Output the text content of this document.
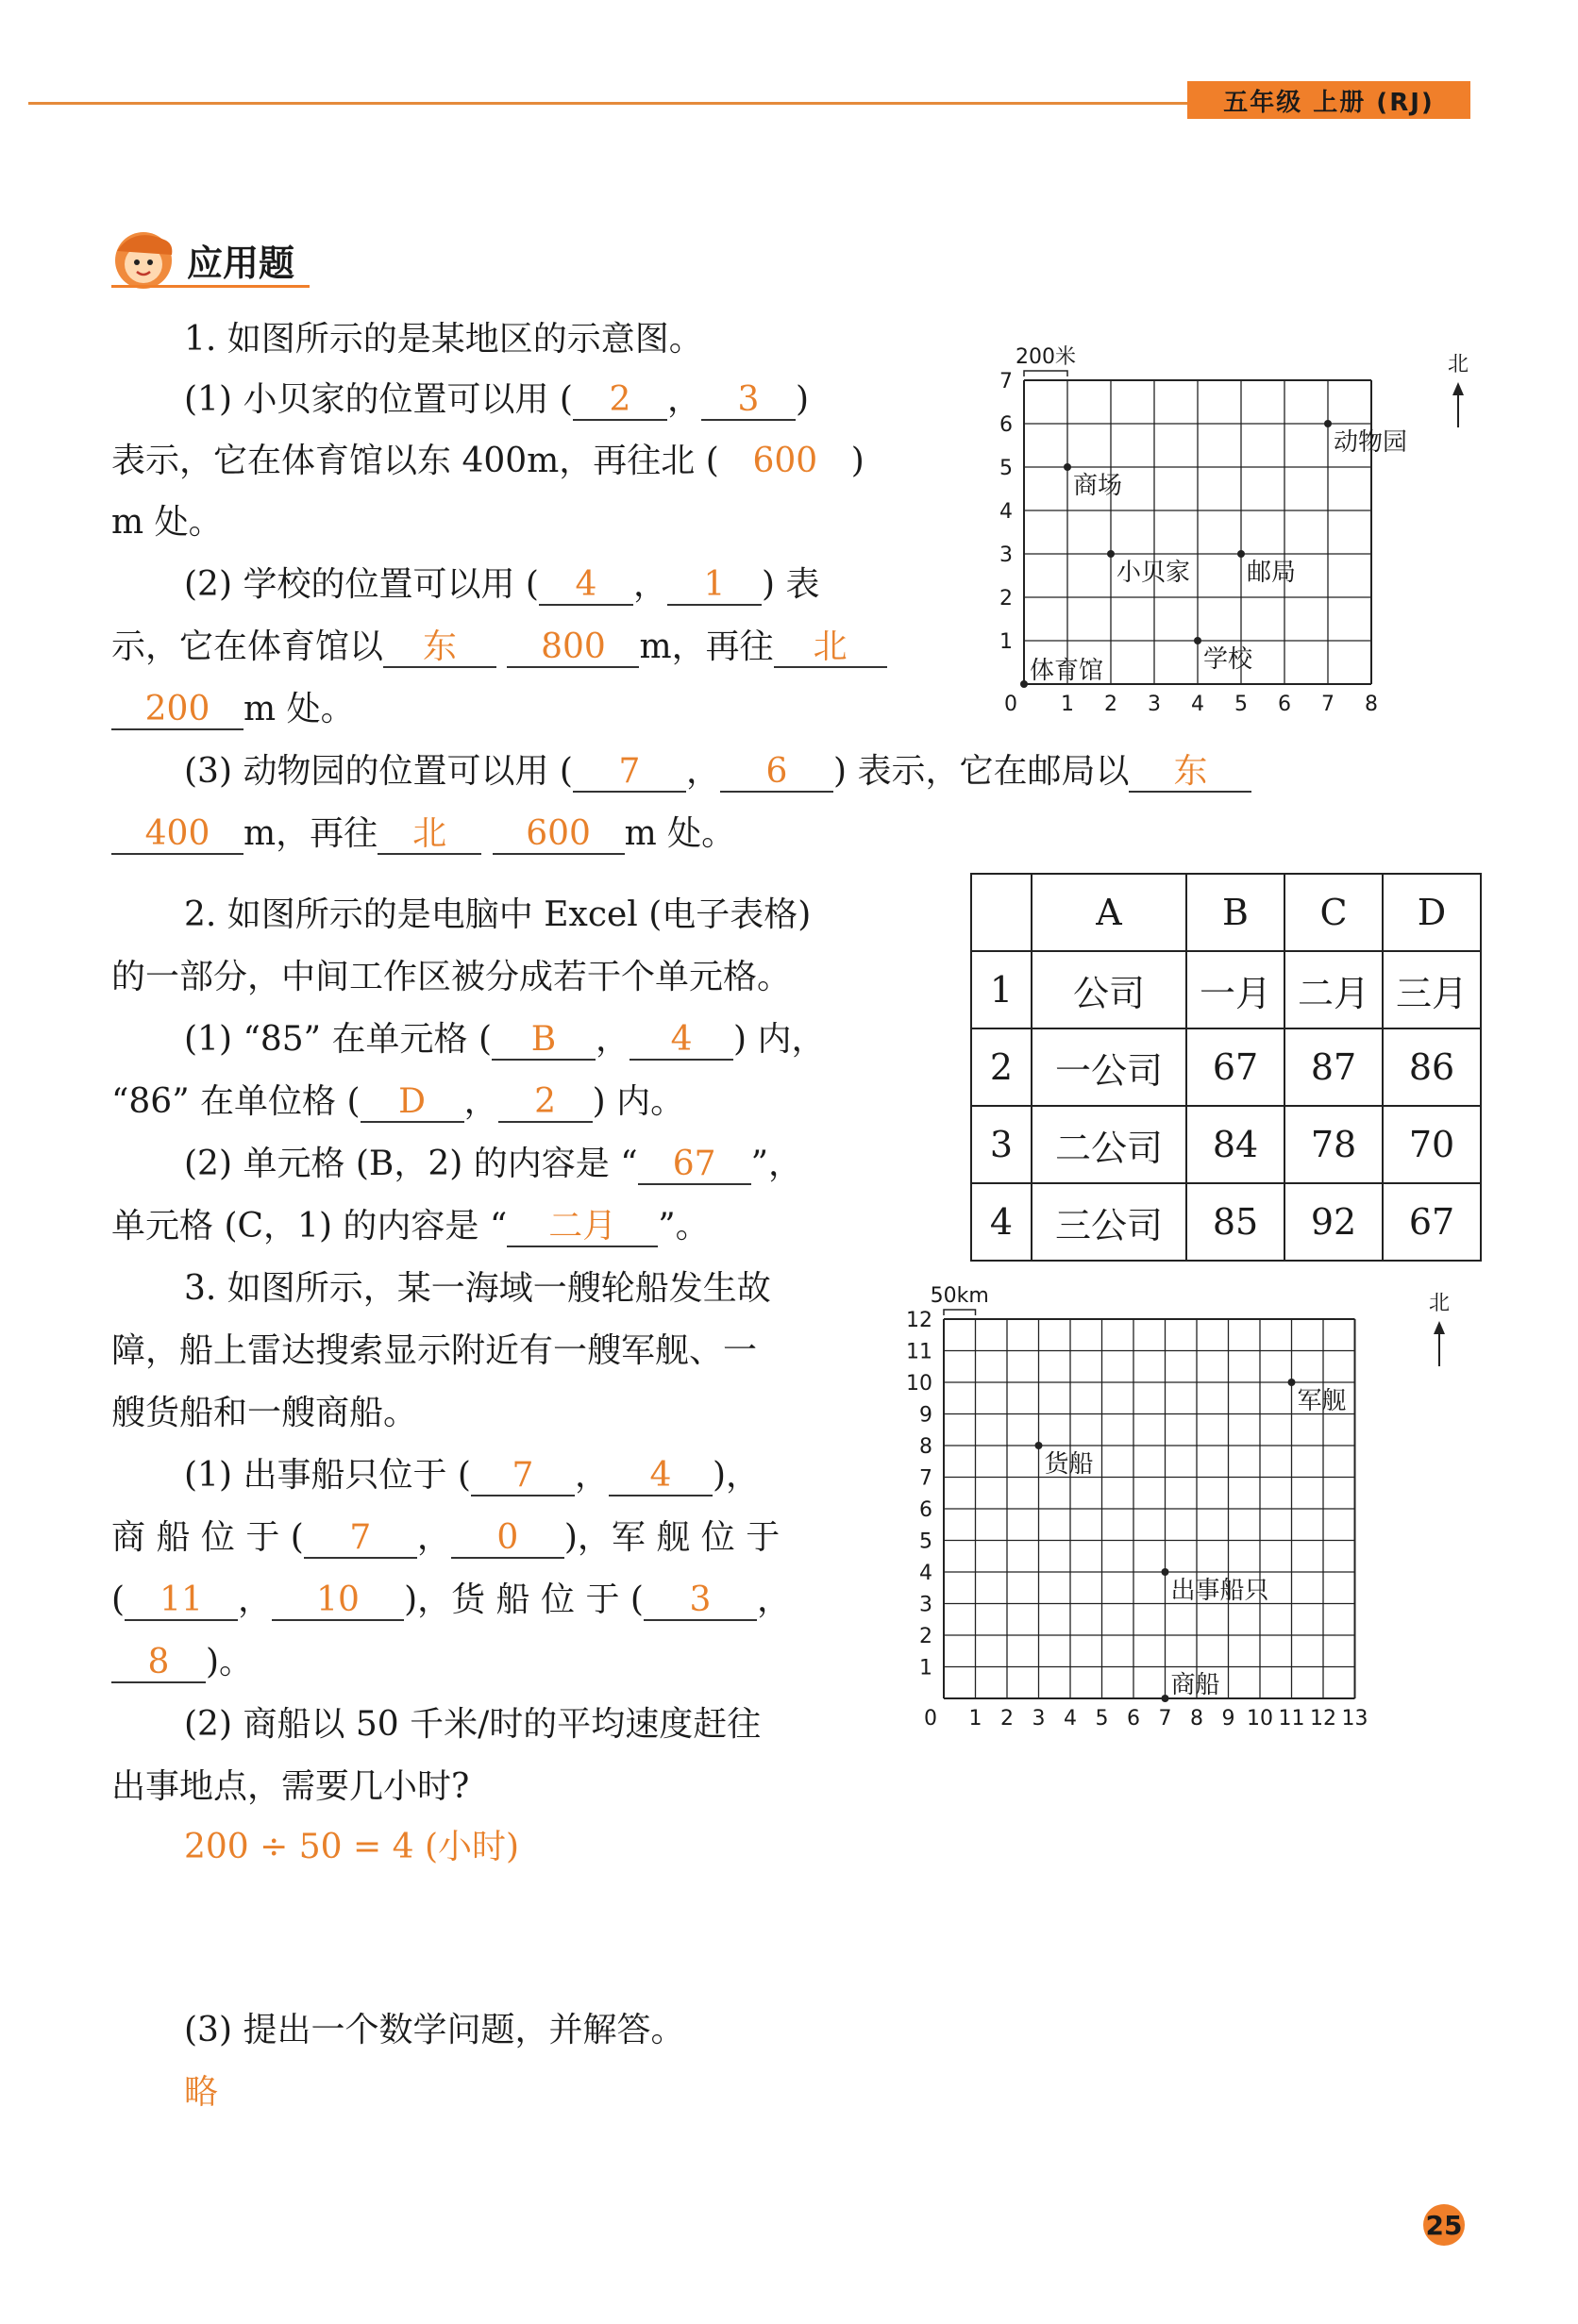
五年级 上册 (RJ)
应用题
1. 如图所示的是某地区的示意图。
(1) 小贝家的位置可以用 ( 2 ， 3 )
表示，它在体育馆以东 400m，再往北 ( 600 )
m 处。
(2) 学校的位置可以用 ( 4 ， 1 ) 表
示，它在体育馆以 东 800 m，再往 北
200 m 处。
(3) 动物园的位置可以用 ( 7 ， 6 ) 表示，它在邮局以 东
400 m，再往 北 600 m 处。
0 1 2 3 4 5 6 7 8
1
2
3
4
5
6
7
200米	北
体育馆	学校
小贝家 邮局
商场
动物园
2. 如图所示的是电脑中 Excel (电子表格)
的一部分，中间工作区被分成若干个单元格。
(1) “85” 在单元格 ( B ， 4 ) 内，
“86” 在单位格 ( D ， 2 ) 内。
(2) 单元格 (B，2) 的内容是 “ 67 ”，
单元格 (C，1) 的内容是 “ 二月 ”。
	A	B	C	D
1	公司	一月	二月	三月
2	一公司	67	87	86
3	二公司	84	78	70
4	三公司	85	92	67
3. 如图所示，某一海域一艘轮船发生故
障，船上雷达搜索显示附近有一艘军舰、一
艘货船和一艘商船。
(1) 出事船只位于 ( 7 ， 4 )，
商 船 位 于 ( 7 ， 0 )，军 舰 位 于
( 11 ， 10 )，货 船 位 于 ( 3 ，
8 )。
(2) 商船以 50 千米/时的平均速度赶往
出事地点，需要几小时?
200 ÷ 50 = 4 (小时)
(3) 提出一个数学问题，并解答。
略
0 1 2 3 4 5 6 7 8 9 10 11 12 13
1
2
3
4
5
6
7
8
9
10
11
12
50km	北
货船
军舰
出事船只
商船
25
